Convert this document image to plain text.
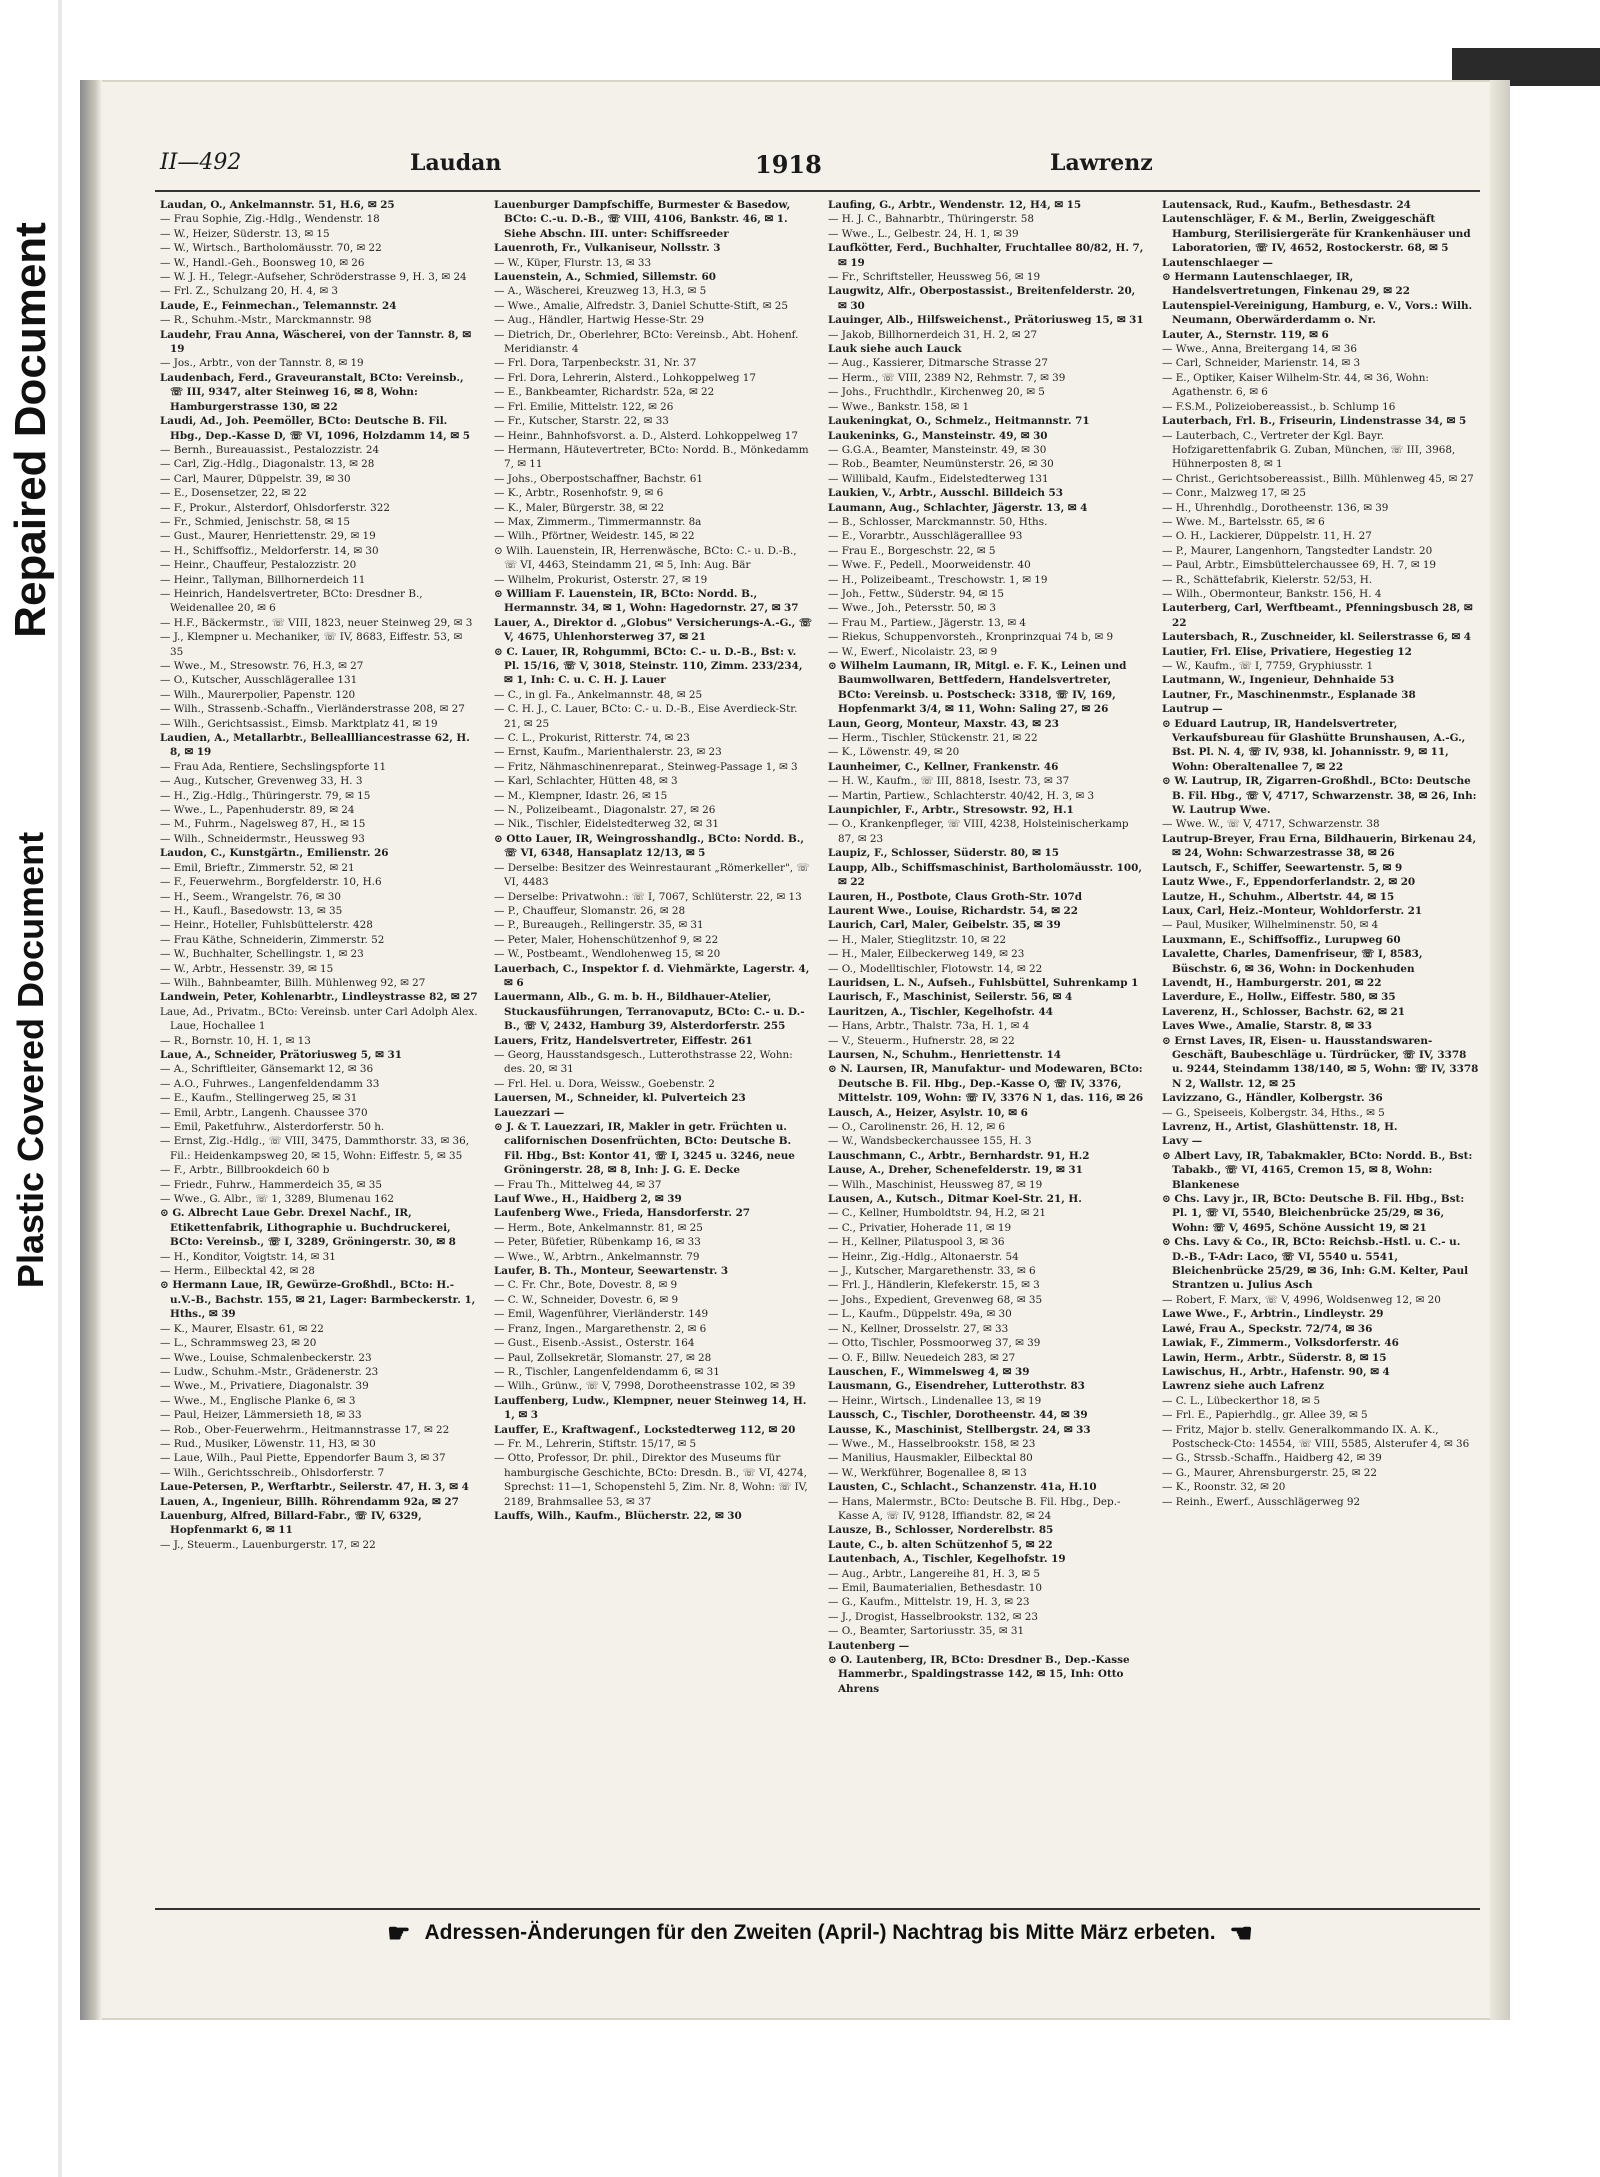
Repaired Document
Plastic Covered Document
II—492	Laudan	1918	Lawrenz

Laudan, O., Ankelmannstr. 51, H.6, ✉ 25

— Frau Sophie, Zig.-Hdlg., Wendenstr. 18

— W., Heizer, Süderstr. 13, ✉ 15

— W., Wirtsch., Bartholomäusstr. 70, ✉ 22

— W., Handl.-Geh., Boonsweg 10, ✉ 26

— W. J. H., Telegr.-Aufseher, Schröderstrasse 9, H. 3, ✉ 24

— Frl. Z., Schulzang 20, H. 4, ✉ 3

Laude, E., Feinmechan., Telemannstr. 24

— R., Schuhm.-Mstr., Marckmannstr. 98

Laudehr, Frau Anna, Wäscherei, von der Tannstr. 8, ✉ 19

— Jos., Arbtr., von der Tannstr. 8, ✉ 19

Laudenbach, Ferd., Graveuranstalt, BCto: Vereinsb., ☏ III, 9347, alter Steinweg 16, ✉ 8, Wohn: Hamburgerstrasse 130, ✉ 22

Laudi, Ad., Joh. Peemöller, BCto: Deutsche B. Fil. Hbg., Dep.-Kasse D, ☏ VI, 1096, Holzdamm 14, ✉ 5

— Bernh., Bureauassist., Pestalozzistr. 24

— Carl, Zig.-Hdlg., Diagonalstr. 13, ✉ 28

— Carl, Maurer, Düppelstr. 39, ✉ 30

— E., Dosensetzer, 22, ✉ 22

— F., Prokur., Alsterdorf, Ohlsdorferstr. 322

— Fr., Schmied, Jenischstr. 58, ✉ 15

— Gust., Maurer, Henriettenstr. 29, ✉ 19

— H., Schiffsoffiz., Meldorferstr. 14, ✉ 30

— Heinr., Chauffeur, Pestalozzistr. 20

— Heinr., Tallyman, Billhornerdeich 11

— Heinrich, Handelsvertreter, BCto: Dresdner B., Weidenallee 20, ✉ 6

— H.F., Bäckermstr., ☏ VIII, 1823, neuer Steinweg 29, ✉ 3

— J., Klempner u. Mechaniker, ☏ IV, 8683, Eiffestr. 53, ✉ 35

— Wwe., M., Stresowstr. 76, H.3, ✉ 27

— O., Kutscher, Ausschlägerallee 131

— Wilh., Maurerpolier, Papenstr. 120

— Wilh., Strassenb.-Schaffn., Vierländerstrasse 208, ✉ 27

— Wilh., Gerichtsassist., Eimsb. Marktplatz 41, ✉ 19

Laudien, A., Metallarbtr., Belleallliancestrasse 62, H. 8, ✉ 19

— Frau Ada, Rentiere, Sechslingspforte 11

— Aug., Kutscher, Grevenweg 33, H. 3

— H., Zig.-Hdlg., Thüringerstr. 79, ✉ 15

— Wwe., L., Papenhuderstr. 89, ✉ 24

— M., Fuhrm., Nagelsweg 87, H., ✉ 15

— Wilh., Schneidermstr., Heussweg 93

Laudon, C., Kunstgärtn., Emilienstr. 26

— Emil, Brieftr., Zimmerstr. 52, ✉ 21

— F., Feuerwehrm., Borgfelderstr. 10, H.6

— H., Seem., Wrangelstr. 76, ✉ 30

— H., Kaufl., Basedowstr. 13, ✉ 35

— Heinr., Hoteller, Fuhlsbüttelerstr. 428

— Frau Käthe, Schneiderin, Zimmerstr. 52

— W., Buchhalter, Schellingstr. 1, ✉ 23

— W., Arbtr., Hessenstr. 39, ✉ 15

— Wilh., Bahnbeamter, Billh. Mühlenweg 92, ✉ 27

Landwein, Peter, Kohlenarbtr., Lindleystrasse 82, ✉ 27

Laue, Ad., Privatm., BCto: Vereinsb. unter Carl Adolph Alex. Laue, Hochallee 1

— R., Bornstr. 10, H. 1, ✉ 13

Laue, A., Schneider, Prätoriusweg 5, ✉ 31

— A., Schriftleiter, Gänsemarkt 12, ✉ 36

— A.O., Fuhrwes., Langenfeldendamm 33

— E., Kaufm., Stellingerweg 25, ✉ 31

— Emil, Arbtr., Langenh. Chaussee 370

— Emil, Paketfuhrw., Alsterdorferstr. 50 h.

— Ernst, Zig.-Hdlg., ☏ VIII, 3475, Dammthorstr. 33, ✉ 36, Fil.: Heidenkampsweg 20, ✉ 15, Wohn: Eiffestr. 5, ✉ 35

— F., Arbtr., Billbrookdeich 60 b

— Friedr., Fuhrw., Hammerdeich 35, ✉ 35

— Wwe., G. Albr., ☏ 1, 3289, Blumenau 162

⊙ G. Albrecht Laue Gebr. Drexel Nachf., IR, Etikettenfabrik, Lithographie u. Buchdruckerei, BCto: Vereinsb., ☏ I, 3289, Gröningerstr. 30, ✉ 8

— H., Konditor, Voigtstr. 14, ✉ 31

— Herm., Eilbecktal 42, ✉ 28

⊙ Hermann Laue, IR, Gewürze-Großhdl., BCto: H.-u.V.-B., Bachstr. 155, ✉ 21, Lager: Barmbeckerstr. 1, Hths., ✉ 39

— K., Maurer, Elsastr. 61, ✉ 22

— L., Schrammsweg 23, ✉ 20

— Wwe., Louise, Schmalenbeckerstr. 23

— Ludw., Schuhm.-Mstr., Grädenerstr. 23

— Wwe., M., Privatiere, Diagonalstr. 39

— Wwe., M., Englische Planke 6, ✉ 3

— Paul, Heizer, Lämmersieth 18, ✉ 33

— Rob., Ober-Feuerwehrm., Heitmannstrasse 17, ✉ 22

— Rud., Musiker, Löwenstr. 11, H3, ✉ 30

— Laue, Wilh., Paul Piette, Eppendorfer Baum 3, ✉ 37

— Wilh., Gerichtsschreib., Ohlsdorferstr. 7

Laue-Petersen, P., Werftarbtr., Seilerstr. 47, H. 3, ✉ 4

Lauen, A., Ingenieur, Billh. Röhrendamm 92a, ✉ 27

Lauenburg, Alfred, Billard-Fabr., ☏ IV, 6329, Hopfenmarkt 6, ✉ 11

— J., Steuerm., Lauenburgerstr. 17, ✉ 22

Lauenburger Dampfschiffe, Burmester & Basedow, BCto: C.-u. D.-B., ☏ VIII, 4106, Bankstr. 46, ✉ 1. Siehe Abschn. III. unter: Schiffsreeder

Lauenroth, Fr., Vulkaniseur, Nollsstr. 3

— W., Küper, Flurstr. 13, ✉ 33

Lauenstein, A., Schmied, Sillemstr. 60

— A., Wäscherei, Kreuzweg 13, H.3, ✉ 5

— Wwe., Amalie, Alfredstr. 3, Daniel Schutte-Stift, ✉ 25

— Aug., Händler, Hartwig Hesse-Str. 29

— Dietrich, Dr., Oberlehrer, BCto: Vereinsb., Abt. Hohenf. Meridianstr. 4

— Frl. Dora, Tarpenbeckstr. 31, Nr. 37

— Frl. Dora, Lehrerin, Alsterd., Lohkoppelweg 17

— E., Bankbeamter, Richardstr. 52a, ✉ 22

— Frl. Emilie, Mittelstr. 122, ✉ 26

— Fr., Kutscher, Starstr. 22, ✉ 33

— Heinr., Bahnhofsvorst. a. D., Alsterd. Lohkoppelweg 17

— Hermann, Häutevertreter, BCto: Nordd. B., Mönkedamm 7, ✉ 11

— Johs., Oberpostschaffner, Bachstr. 61

— K., Arbtr., Rosenhofstr. 9, ✉ 6

— K., Maler, Bürgerstr. 38, ✉ 22

— Max, Zimmerm., Timmermannstr. 8a

— Wilh., Pförtner, Weidestr. 145, ✉ 22

⊙ Wilh. Lauenstein, IR, Herrenwäsche, BCto: C.- u. D.-B., ☏ VI, 4463, Steindamm 21, ✉ 5, Inh: Aug. Bär

— Wilhelm, Prokurist, Osterstr. 27, ✉ 19

⊙ William F. Lauenstein, IR, BCto: Nordd. B., Hermannstr. 34, ✉ 1, Wohn: Hagedornstr. 27, ✉ 37

Lauer, A., Direktor d. „Globus" Versicherungs-A.-G., ☏ V, 4675, Uhlenhorsterweg 37, ✉ 21

⊙ C. Lauer, IR, Rohgummi, BCto: C.- u. D.-B., Bst: v. Pl. 15/16, ☏ V, 3018, Steinstr. 110, Zimm. 233/234, ✉ 1, Inh: C. u. C. H. J. Lauer

— C., in gl. Fa., Ankelmannstr. 48, ✉ 25

— C. H. J., C. Lauer, BCto: C.- u. D.-B., Eise Averdieck-Str. 21, ✉ 25

— C. L., Prokurist, Ritterstr. 74, ✉ 23

— Ernst, Kaufm., Marienthalerstr. 23, ✉ 23

— Fritz, Nähmaschinenreparat., Steinweg-Passage 1, ✉ 3

— Karl, Schlachter, Hütten 48, ✉ 3

— M., Klempner, Idastr. 26, ✉ 15

— N., Polizeibeamt., Diagonalstr. 27, ✉ 26

— Nik., Tischler, Eidelstedterweg 32, ✉ 31

⊙ Otto Lauer, IR, Weingrosshandlg., BCto: Nordd. B., ☏ VI, 6348, Hansaplatz 12/13, ✉ 5

— Derselbe: Besitzer des Weinrestaurant „Römerkeller", ☏ VI, 4483

— Derselbe: Privatwohn.: ☏ I, 7067, Schlüterstr. 22, ✉ 13

— P., Chauffeur, Slomanstr. 26, ✉ 28

— P., Bureaugeh., Rellingerstr. 35, ✉ 31

— Peter, Maler, Hohenschützenhof 9, ✉ 22

— W., Postbeamt., Wendlohenweg 15, ✉ 20

Lauerbach, C., Inspektor f. d. Viehmärkte, Lagerstr. 4, ✉ 6

Lauermann, Alb., G. m. b. H., Bildhauer-Atelier, Stuckausführungen, Terranovaputz, BCto: C.- u. D.-B., ☏ V, 2432, Hamburg 39, Alsterdorferstr. 255

Lauers, Fritz, Handelsvertreter, Eiffestr. 261

— Georg, Hausstandsgesch., Lutterothstrasse 22, Wohn: des. 20, ✉ 31

— Frl. Hel. u. Dora, Weissw., Goebenstr. 2

Lauersen, M., Schneider, kl. Pulverteich 23

Lauezzari —

⊙ J. & T. Lauezzari, IR, Makler in getr. Früchten u. californischen Dosenfrüchten, BCto: Deutsche B. Fil. Hbg., Bst: Kontor 41, ☏ I, 3245 u. 3246, neue Gröningerstr. 28, ✉ 8, Inh: J. G. E. Decke

— Frau Th., Mittelweg 44, ✉ 37

Lauf Wwe., H., Haidberg 2, ✉ 39

Laufenberg Wwe., Frieda, Hansdorferstr. 27

— Herm., Bote, Ankelmannstr. 81, ✉ 25

— Peter, Büfetier, Rübenkamp 16, ✉ 33

— Wwe., W., Arbtrn., Ankelmannstr. 79

Laufer, B. Th., Monteur, Seewartenstr. 3

— C. Fr. Chr., Bote, Dovestr. 8, ✉ 9

— C. W., Schneider, Dovestr. 6, ✉ 9

— Emil, Wagenführer, Vierländerstr. 149

— Franz, Ingen., Margarethenstr. 2, ✉ 6

— Gust., Eisenb.-Assist., Osterstr. 164

— Paul, Zollsekretär, Slomanstr. 27, ✉ 28

— R., Tischler, Langenfeldendamm 6, ✉ 31

— Wilh., Grünw., ☏ V, 7998, Dorotheenstrasse 102, ✉ 39

Lauffenberg, Ludw., Klempner, neuer Steinweg 14, H. 1, ✉ 3

Lauffer, E., Kraftwagenf., Lockstedterweg 112, ✉ 20

— Fr. M., Lehrerin, Stiftstr. 15/17, ✉ 5

— Otto, Professor, Dr. phil., Direktor des Museums für hamburgische Geschichte, BCto: Dresdn. B., ☏ VI, 4274, Sprechst: 11—1, Schopenstehl 5, Zim. Nr. 8, Wohn: ☏ IV, 2189, Brahmsallee 53, ✉ 37

Lauffs, Wilh., Kaufm., Blücherstr. 22, ✉ 30

Laufing, G., Arbtr., Wendenstr. 12, H4, ✉ 15

— H. J. C., Bahnarbtr., Thüringerstr. 58

— Wwe., L., Gelbestr. 24, H. 1, ✉ 39

Laufkötter, Ferd., Buchhalter, Fruchtallee 80/82, H. 7, ✉ 19

— Fr., Schriftsteller, Heussweg 56, ✉ 19

Laugwitz, Alfr., Oberpostassist., Breitenfelderstr. 20, ✉ 30

Lauinger, Alb., Hilfsweichenst., Prätoriusweg 15, ✉ 31

— Jakob, Billhornerdeich 31, H. 2, ✉ 27

Lauk siehe auch Lauck

— Aug., Kassierer, Ditmarsche Strasse 27

— Herm., ☏ VIII, 2389 N2, Rehmstr. 7, ✉ 39

— Johs., Fruchthdlr., Kirchenweg 20, ✉ 5

— Wwe., Bankstr. 158, ✉ 1

Laukeningkat, O., Schmelz., Heitmannstr. 71

Laukeninks, G., Mansteinstr. 49, ✉ 30

— G.G.A., Beamter, Mansteinstr. 49, ✉ 30

— Rob., Beamter, Neumünsterstr. 26, ✉ 30

— Willibald, Kaufm., Eidelstedterweg 131

Laukien, V., Arbtr., Ausschl. Billdeich 53

Laumann, Aug., Schlachter, Jägerstr. 13, ✉ 4

— B., Schlosser, Marckmannstr. 50, Hths.

— E., Vorarbtr., Ausschlägeralllee 93

— Frau E., Borgeschstr. 22, ✉ 5

— Wwe. F., Pedell., Moorweidenstr. 40

— H., Polizeibeamt., Treschowstr. 1, ✉ 19

— Joh., Fettw., Süderstr. 94, ✉ 15

— Wwe., Joh., Petersstr. 50, ✉ 3

— Frau M., Partiew., Jägerstr. 13, ✉ 4

— Riekus, Schuppenvorsteh., Kronprinzquai 74 b, ✉ 9

— W., Ewerf., Nicolaistr. 23, ✉ 9

⊙ Wilhelm Laumann, IR, Mitgl. e. F. K., Leinen und Baumwollwaren, Bettfedern, Handelsvertreter, BCto: Vereinsb. u. Postscheck: 3318, ☏ IV, 169, Hopfenmarkt 3/4, ✉ 11, Wohn: Saling 27, ✉ 26

Laun, Georg, Monteur, Maxstr. 43, ✉ 23

— Herm., Tischler, Stückenstr. 21, ✉ 22

— K., Löwenstr. 49, ✉ 20

Launheimer, C., Kellner, Frankenstr. 46

— H. W., Kaufm., ☏ III, 8818, Isestr. 73, ✉ 37

— Martin, Partiew., Schlachterstr. 40/42, H. 3, ✉ 3

Launpichler, F., Arbtr., Stresowstr. 92, H.1

— O., Krankenpfleger, ☏ VIII, 4238, Holsteinischerkamp 87, ✉ 23

Laupiz, F., Schlosser, Süderstr. 80, ✉ 15

Laupp, Alb., Schiffsmaschinist, Bartholomäusstr. 100, ✉ 22

Lauren, H., Postbote, Claus Groth-Str. 107d

Laurent Wwe., Louise, Richardstr. 54, ✉ 22

Laurich, Carl, Maler, Geibelstr. 35, ✉ 39

— H., Maler, Stieglitzstr. 10, ✉ 22

— H., Maler, Eilbeckerweg 149, ✉ 23

— O., Modelltischler, Flotowstr. 14, ✉ 22

Lauridsen, L. N., Aufseh., Fuhlsbüttel, Suhrenkamp 1

Laurisch, F., Maschinist, Seilerstr. 56, ✉ 4

Lauritzen, A., Tischler, Kegelhofstr. 44

— Hans, Arbtr., Thalstr. 73a, H. 1, ✉ 4

— V., Steuerm., Hufnerstr. 28, ✉ 22

Laursen, N., Schuhm., Henriettenstr. 14

⊙ N. Laursen, IR, Manufaktur- und Modewaren, BCto: Deutsche B. Fil. Hbg., Dep.-Kasse O, ☏ IV, 3376, Mittelstr. 109, Wohn: ☏ IV, 3376 N 1, das. 116, ✉ 26

Lausch, A., Heizer, Asylstr. 10, ✉ 6

— O., Carolinenstr. 26, H. 12, ✉ 6

— W., Wandsbeckerchaussee 155, H. 3

Lauschmann, C., Arbtr., Bernhardstr. 91, H.2

Lause, A., Dreher, Schenefelderstr. 19, ✉ 31

— Wilh., Maschinist, Heussweg 87, ✉ 19

Lausen, A., Kutsch., Ditmar Koel-Str. 21, H.

— C., Kellner, Humboldtstr. 94, H.2, ✉ 21

— C., Privatier, Hoherade 11, ✉ 19

— H., Kellner, Pilatuspool 3, ✉ 36

— Heinr., Zig.-Hdlg., Altonaerstr. 54

— J., Kutscher, Margarethenstr. 33, ✉ 6

— Frl. J., Händlerin, Klefekerstr. 15, ✉ 3

— Johs., Expedient, Grevenweg 68, ✉ 35

— L., Kaufm., Düppelstr. 49a, ✉ 30

— N., Kellner, Drosselstr. 27, ✉ 33

— Otto, Tischler, Possmoorweg 37, ✉ 39

— O. F., Billw. Neuedeich 283, ✉ 27

Lauschen, F., Wimmelsweg 4, ✉ 39

Lausmann, G., Eisendreher, Lutterothstr. 83

— Heinr., Wirtsch., Lindenallee 13, ✉ 19

Laussch, C., Tischler, Dorotheenstr. 44, ✉ 39

Lausse, K., Maschinist, Stellbergstr. 24, ✉ 33

— Wwe., M., Hasselbrookstr. 158, ✉ 23

— Manilius, Hausmakler, Eilbecktal 80

— W., Werkführer, Bogenallee 8, ✉ 13

Lausten, C., Schlacht., Schanzenstr. 41a, H.10

— Hans, Malermstr., BCto: Deutsche B. Fil. Hbg., Dep.-Kasse A, ☏ IV, 9128, Iffiandstr. 82, ✉ 24

Lausze, B., Schlosser, Norderelbstr. 85

Laute, C., b. alten Schützenhof 5, ✉ 22

Lautenbach, A., Tischler, Kegelhofstr. 19

— Aug., Arbtr., Langereihe 81, H. 3, ✉ 5

— Emil, Baumaterialien, Bethesdastr. 10

— G., Kaufm., Mittelstr. 19, H. 3, ✉ 23

— J., Drogist, Hasselbrookstr. 132, ✉ 23

— O., Beamter, Sartoriusstr. 35, ✉ 31

Lautenberg —

⊙ O. Lautenberg, IR, BCto: Dresdner B., Dep.-Kasse Hammerbr., Spaldingstrasse 142, ✉ 15, Inh: Otto Ahrens

Lautensack, Rud., Kaufm., Bethesdastr. 24

Lautenschläger, F. & M., Berlin, Zweiggeschäft Hamburg, Sterilisiergeräte für Krankenhäuser und Laboratorien, ☏ IV, 4652, Rostockerstr. 68, ✉ 5

Lautenschlaeger —

⊙ Hermann Lautenschlaeger, IR, Handelsvertretungen, Finkenau 29, ✉ 22

Lautenspiel-Vereinigung, Hamburg, e. V., Vors.: Wilh. Neumann, Oberwärderdamm o. Nr.

Lauter, A., Sternstr. 119, ✉ 6

— Wwe., Anna, Breitergang 14, ✉ 36

— Carl, Schneider, Marienstr. 14, ✉ 3

— E., Optiker, Kaiser Wilhelm-Str. 44, ✉ 36, Wohn: Agathenstr. 6, ✉ 6

— F.S.M., Polizeiobereassist., b. Schlump 16

Lauterbach, Frl. B., Friseurin, Lindenstrasse 34, ✉ 5

— Lauterbach, C., Vertreter der Kgl. Bayr. Hofzigarettenfabrik G. Zuban, München, ☏ III, 3968, Hühnerposten 8, ✉ 1

— Christ., Gerichtsobereassist., Billh. Mühlenweg 45, ✉ 27

— Conr., Malzweg 17, ✉ 25

— H., Uhrenhdlg., Dorotheenstr. 136, ✉ 39

— Wwe. M., Bartelsstr. 65, ✉ 6

— O. H., Lackierer, Düppelstr. 11, H. 27

— P., Maurer, Langenhorn, Tangstedter Landstr. 20

— Paul, Arbtr., Eimsbüttelerchaussee 69, H. 7, ✉ 19

— R., Schättefabrik, Kielerstr. 52/53, H.

— Wilh., Obermonteur, Bankstr. 156, H. 4

Lauterberg, Carl, Werftbeamt., Pfenningsbusch 28, ✉ 22

Lautersbach, R., Zuschneider, kl. Seilerstrasse 6, ✉ 4

Lautier, Frl. Elise, Privatiere, Hegestieg 12

— W., Kaufm., ☏ I, 7759, Gryphiusstr. 1

Lautmann, W., Ingenieur, Dehnhaide 53

Lautner, Fr., Maschinenmstr., Esplanade 38

Lautrup —

⊙ Eduard Lautrup, IR, Handelsvertreter, Verkaufsbureau für Glashütte Brunshausen, A.-G., Bst. Pl. N. 4, ☏ IV, 938, kl. Johannisstr. 9, ✉ 11, Wohn: Oberaltenallee 7, ✉ 22

⊙ W. Lautrup, IR, Zigarren-Großhdl., BCto: Deutsche B. Fil. Hbg., ☏ V, 4717, Schwarzenstr. 38, ✉ 26, Inh: W. Lautrup Wwe.

— Wwe. W., ☏ V, 4717, Schwarzenstr. 38

Lautrup-Breyer, Frau Erna, Bildhauerin, Birkenau 24, ✉ 24, Wohn: Schwarzestrasse 38, ✉ 26

Lautsch, F., Schiffer, Seewartenstr. 5, ✉ 9

Lautz Wwe., F., Eppendorferlandstr. 2, ✉ 20

Lautze, H., Schuhm., Albertstr. 44, ✉ 15

Laux, Carl, Heiz.-Monteur, Wohldorferstr. 21

— Paul, Musiker, Wilhelminenstr. 50, ✉ 4

Lauxmann, E., Schiffsoffiz., Lurupweg 60

Lavalette, Charles, Damenfriseur, ☏ I, 8583, Büschstr. 6, ✉ 36, Wohn: in Dockenhuden

Lavendt, H., Hamburgerstr. 201, ✉ 22

Laverdure, E., Hollw., Eiffestr. 580, ✉ 35

Laverenz, H., Schlosser, Bachstr. 62, ✉ 21

Laves Wwe., Amalie, Starstr. 8, ✉ 33

⊙ Ernst Laves, IR, Eisen- u. Hausstandswaren-Geschäft, Baubeschläge u. Türdrücker, ☏ IV, 3378 u. 9244, Steindamm 138/140, ✉ 5, Wohn: ☏ IV, 3378 N 2, Wallstr. 12, ✉ 25

Lavizzano, G., Händler, Kolbergstr. 36

— G., Speiseeis, Kolbergstr. 34, Hths., ✉ 5

Lavrenz, H., Artist, Glashüttenstr. 18, H.

Lavy —

⊙ Albert Lavy, IR, Tabakmakler, BCto: Nordd. B., Bst: Tabakb., ☏ VI, 4165, Cremon 15, ✉ 8, Wohn: Blankenese

⊙ Chs. Lavy jr., IR, BCto: Deutsche B. Fil. Hbg., Bst: Pl. 1, ☏ VI, 5540, Bleichenbrücke 25/29, ✉ 36, Wohn: ☏ V, 4695, Schöne Aussicht 19, ✉ 21

⊙ Chs. Lavy & Co., IR, BCto: Reichsb.-Hstl. u. C.- u. D.-B., T-Adr: Laco, ☏ VI, 5540 u. 5541, Bleichenbrücke 25/29, ✉ 36, Inh: G.M. Kelter, Paul Strantzen u. Julius Asch

— Robert, F. Marx, ☏ V, 4996, Woldsenweg 12, ✉ 20

Lawe Wwe., F., Arbtrin., Lindleystr. 29

Lawé, Frau A., Speckstr. 72/74, ✉ 36

Lawiak, F., Zimmerm., Volksdorferstr. 46

Lawin, Herm., Arbtr., Süderstr. 8, ✉ 15

Lawischus, H., Arbtr., Hafenstr. 90, ✉ 4

Lawrenz siehe auch Lafrenz

— C. L., Lübeckerthor 18, ✉ 5

— Frl. E., Papierhdlg., gr. Allee 39, ✉ 5

— Fritz, Major b. stellv. Generalkommando IX. A. K., Postscheck-Cto: 14554, ☏ VIII, 5585, Alsterufer 4, ✉ 36

— G., Strssb.-Schaffn., Haidberg 42, ✉ 39

— G., Maurer, Ahrensburgerstr. 25, ✉ 22

— K., Roonstr. 32, ✉ 20

— Reinh., Ewerf., Ausschlägerweg 92

☛ Adressen-Änderungen für den Zweiten (April-) Nachtrag bis Mitte März erbeten. ☚
